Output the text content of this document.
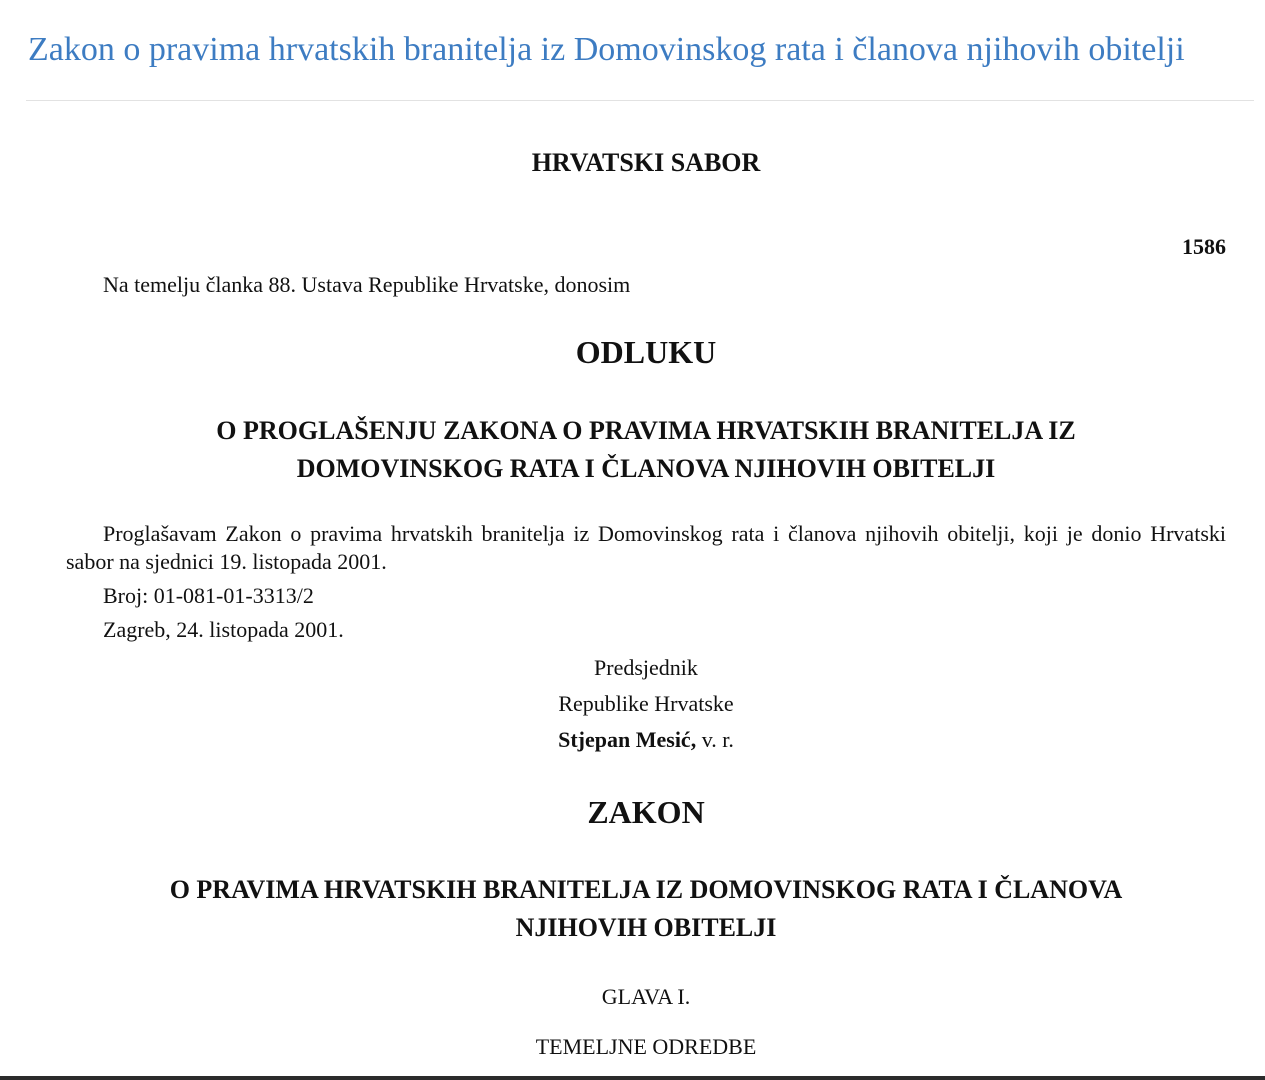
Zakon o pravima hrvatskih branitelja iz Domovinskog rata i članova njihovih obitelji
HRVATSKI SABOR
1586
Na temelju članka 88. Ustava Republike Hrvatske, donosim
ODLUKU
O PROGLAŠENJU ZAKONA O PRAVIMA HRVATSKIH BRANITELJA IZ
DOMOVINSKOG RATA I ČLANOVA NJIHOVIH OBITELJI
Proglašavam Zakon o pravima hrvatskih branitelja iz Domovinskog rata i članova njihovih obitelji, koji je donio Hrvatski sabor na sjednici 19. listopada 2001.
Broj: 01-081-01-3313/2
Zagreb, 24. listopada 2001.
Predsjednik
Republike Hrvatske
Stjepan Mesić, v. r.
ZAKON
O PRAVIMA HRVATSKIH BRANITELJA IZ DOMOVINSKOG RATA I ČLANOVA
NJIHOVIH OBITELJI
GLAVA I.
TEMELJNE ODREDBE
